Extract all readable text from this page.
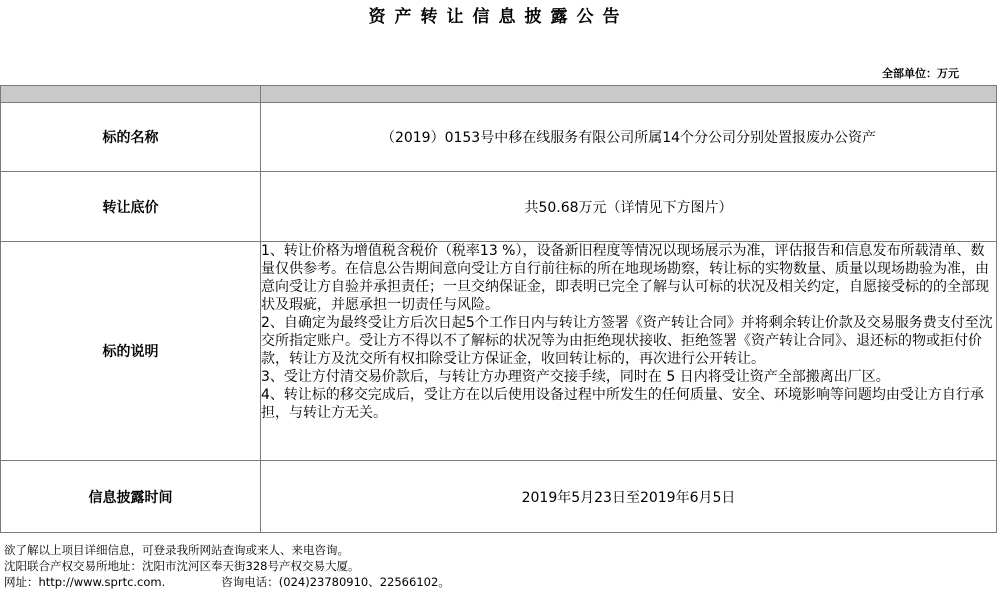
资产转让信息披露公告
全部单位：万元

标的名称	（2019）0153号中移在线服务有限公司所属14个分公司分别处置报废办公资产
转让底价	共50.68万元（详情见下方图片）
标的说明	1、转让价格为增值税含税价（税率13 %），设备新旧程度等情况以现场展示为准，评估报告和信息发布所载清单、数量仅供参考。在信息公告期间意向受让方自行前往标的所在地现场勘察，转让标的实物数量、质量以现场勘验为准，由意向受让方自验并承担责任；一旦交纳保证金，即表明已完全了解与认可标的状况及相关约定，自愿接受标的的全部现状及瑕疵，并愿承担一切责任与风险。

2、自确定为最终受让方后次日起5个工作日内与转让方签署《资产转让合同》并将剩余转让价款及交易服务费支付至沈交所指定账户。受让方不得以不了解标的状况等为由拒绝现状接收、拒绝签署《资产转让合同》、退还标的物或拒付价款，转让方及沈交所有权扣除受让方保证金，收回转让标的，再次进行公开转让。

3、受让方付清交易价款后，与转让方办理资产交接手续，同时在 5 日内将受让资产全部搬离出厂区。

4、转让标的移交完成后，受让方在以后使用设备过程中所发生的任何质量、安全、环境影响等问题均由受让方自行承担，与转让方无关。

信息披露时间	2019年5月23日至2019年6月5日
欲了解以上项目详细信息，可登录我所网站查询或来人、来电咨询。
沈阳联合产权交易所地址：沈阳市沈河区奉天街328号产权交易大厦。
网址：http://www.sprtc.com.	咨询电话：(024)23780910、22566102。
